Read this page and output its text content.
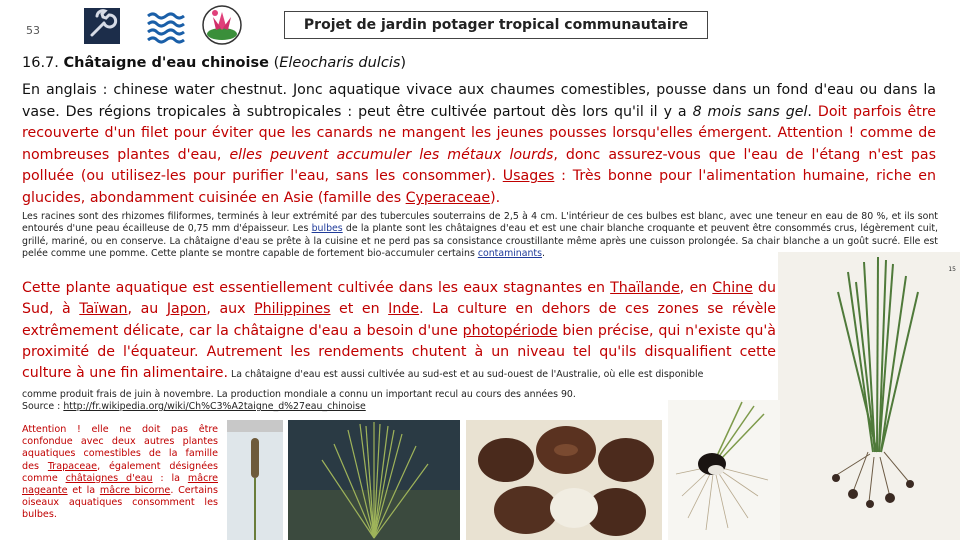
53	Projet de jardin potager tropical communautaire
16.7. Châtaigne d'eau chinoise (Eleocharis dulcis)
En anglais : chinese water chestnut. Jonc aquatique vivace aux chaumes comestibles, pousse dans un fond d'eau ou dans la vase. Des régions tropicales à subtropicales : peut être cultivée partout dès lors qu'il il y a 8 mois sans gel. Doit parfois être recouverte d'un filet pour éviter que les canards ne mangent les jeunes pousses lorsqu'elles émergent. Attention ! comme de nombreuses plantes d'eau, elles peuvent accumuler les métaux lourds, donc assurez-vous que l'eau de l'étang n'est pas polluée (ou utilisez-les pour purifier l'eau, sans les consommer). Usages : Très bonne pour l'alimentation humaine, riche en glucides, abondamment cuisinée en Asie (famille des Cyperaceae).
Les racines sont des rhizomes filiformes, terminés à leur extrémité par des tubercules souterrains de 2,5 à 4 cm. L'intérieur de ces bulbes est blanc, avec une teneur en eau de 80 %, et ils sont entourés d'une peau écailleuse de 0,75 mm d'épaisseur. Les bulbes de la plante sont les châtaignes d'eau et est une chair blanche croquante et peuvent être consommés crus, légèrement cuit, grillé, mariné, ou en conserve. La châtaigne d'eau se prête à la cuisine et ne perd pas sa consistance croustillante même après une cuisson prolongée. Sa chair blanche a un goût sucré. Elle est pelée comme une pomme. Cette plante se montre capable de fortement bio-accumuler certains contaminants.
15
Cette plante aquatique est essentiellement cultivée dans les eaux stagnantes en Thaïlande, en Chine du Sud, à Taïwan, au Japon, aux Philippines et en Inde. La culture en dehors de ces zones se révèle extrêmement délicate, car la châtaigne d'eau a besoin d'une photopériode bien précise, qui n'existe qu'à proximité de l'équateur. Autrement les rendements chutent à un niveau tel qu'ils disqualifient cette culture à une fin alimentaire. La châtaigne d'eau est aussi cultivée au sud-est et au sud-ouest de l'Australie, où elle est disponible
comme produit frais de juin à novembre. La production mondiale a connu un important recul au cours des années 90.
Source : http://fr.wikipedia.org/wiki/Ch%C3%A2taigne_d%27eau_chinoise
Attention ! elle ne doit pas être confondue avec deux autres plantes aquatiques comestibles de la famille des Trapaceae, également désignées comme châtaignes d'eau : la mâcre nageante et la mâcre bicorne. Certains oiseaux aquatiques consomment les bulbes.
